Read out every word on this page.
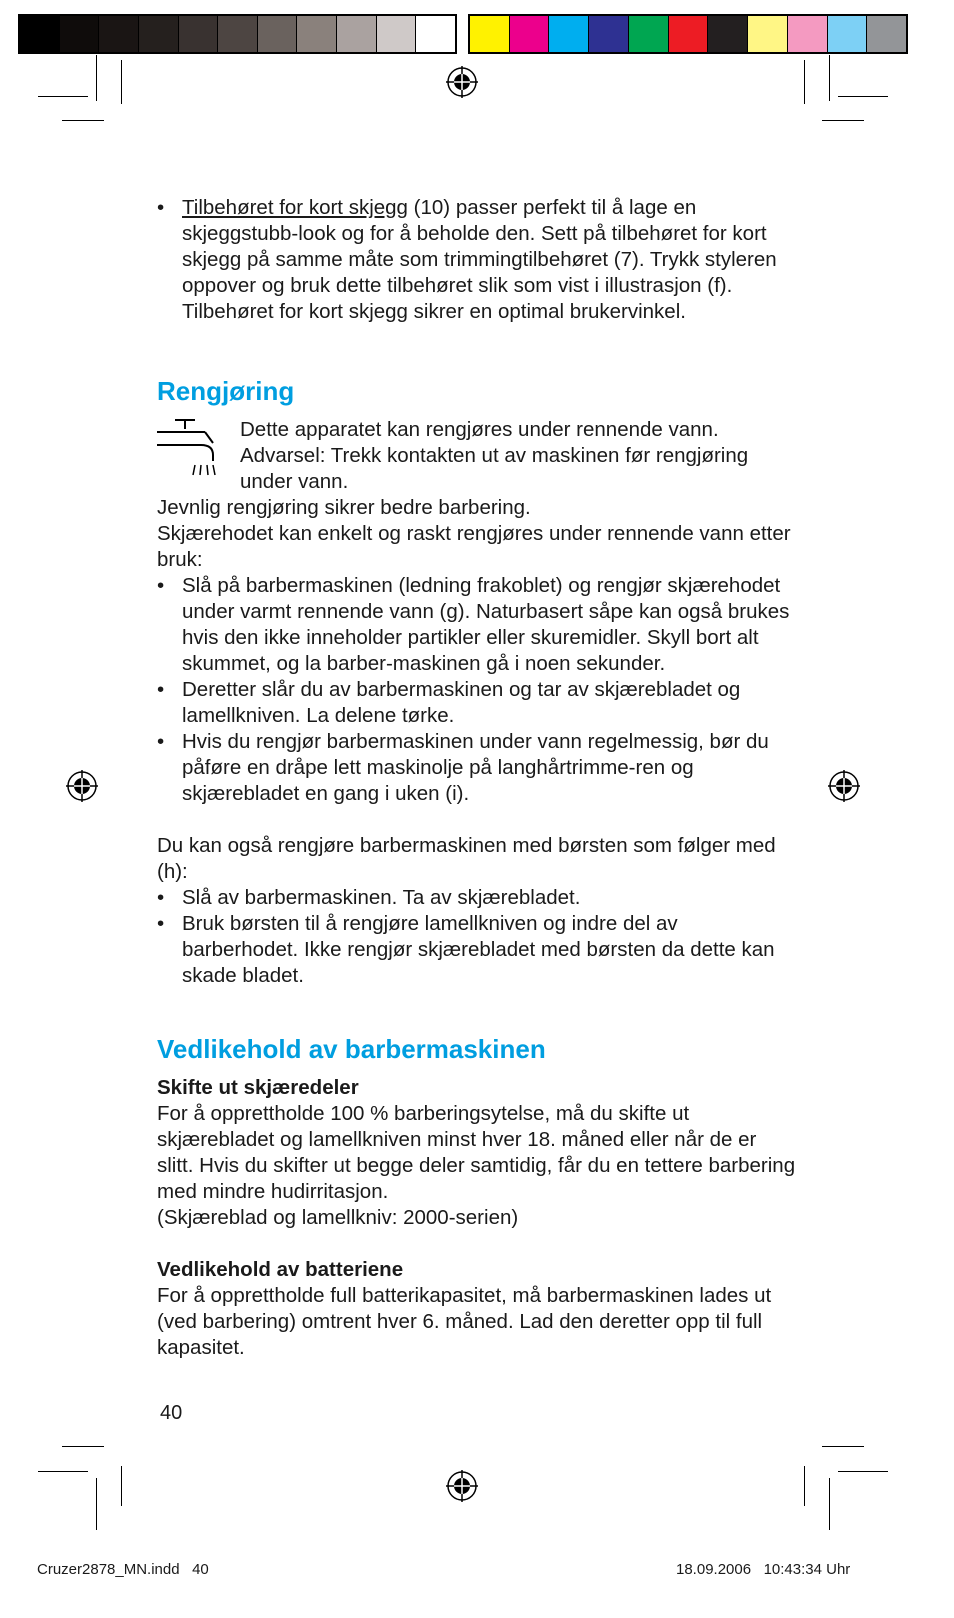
• Tilbehøret for kort skjegg (10) passer perfekt til å lage en skjeggstubb-look og for å beholde den. Sett på tilbehøret for kort skjegg på samme måte som trimmingtilbehøret (7). Trykk styleren oppover og bruk dette tilbehøret slik som vist i illustrasjon (f). Tilbehøret for kort skjegg sikrer en optimal brukervinkel.

Rengjøring

Dette apparatet kan rengjøres under rennende vann. Advarsel: Trekk kontakten ut av maskinen før rengjøring under vann.

Jevnlig rengjøring sikrer bedre barbering.

Skjærehodet kan enkelt og raskt rengjøres under rennende vann etter bruk:

• Slå på barbermaskinen (ledning frakoblet) og rengjør skjærehodet under varmt rennende vann (g). Naturbasert såpe kan også brukes hvis den ikke inneholder partikler eller skuremidler. Skyll bort alt skummet, og la barber-maskinen gå i noen sekunder.

• Deretter slår du av barbermaskinen og tar av skjærebladet og lamellkniven. La delene tørke.

• Hvis du rengjør barbermaskinen under vann regelmessig, bør du påføre en dråpe lett maskinolje på langhårtrimme-ren og skjærebladet en gang i uken (i).

Du kan også rengjøre barbermaskinen med børsten som følger med (h):

• Slå av barbermaskinen. Ta av skjærebladet.

• Bruk børsten til å rengjøre lamellkniven og indre del av barberhodet. Ikke rengjør skjærebladet med børsten da dette kan skade bladet.

Vedlikehold av barbermaskinen

Skifte ut skjæredeler

For å opprettholde 100 % barberingsytelse, må du skifte ut skjærebladet og lamellkniven minst hver 18. måned eller når de er slitt. Hvis du skifter ut begge deler samtidig, får du en tettere barbering med mindre hudirritasjon.

(Skjæreblad og lamellkniv: 2000-serien)

Vedlikehold av batteriene

For å opprettholde full batterikapasitet, må barbermaskinen lades ut (ved barbering) omtrent hver 6. måned. Lad den deretter opp til full kapasitet.

40
Cruzer2878_MN.indd   40	18.09.2006   10:43:34 Uhr
